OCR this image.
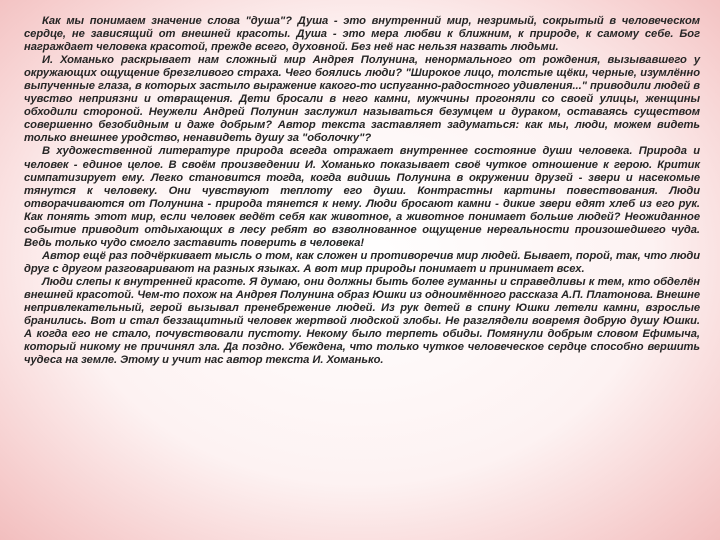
Как мы понимаем значение слова "душа"? Душа - это внутренний мир, незримый, сокрытый в человеческом сердце, не зависящий от внешней красоты. Душа - это мера любви к ближним, к природе, к самому себе. Бог награждает человека красотой, прежде всего, духовной. Без неё нас нельзя назвать людьми.

И. Хоманько раскрывает нам сложный мир Андрея Полунина, ненормального от рождения, вызывавшего у окружающих ощущение брезгливого страха. Чего боялись люди? "Широкое лицо, толстые щёки, черные, изумлённо выпученные глаза, в которых застыло выражение какого-то испуганно-радостного удивления..." приводили людей в чувство неприязни и отвращения. Дети бросали в него камни, мужчины прогоняли со своей улицы, женщины обходили стороной. Неужели Андрей Полунин заслужил называться безумцем и дураком, оставаясь существом совершенно безобидным и даже добрым? Автор текста заставляет задуматься: как мы, люди, можем видеть только внешнее уродство, ненавидеть душу за "оболочку"?

В художественной литературе природа всегда отражает внутреннее состояние души человека. Природа и человек - единое целое. В своём произведении И. Хоманько показывает своё чуткое отношение к герою. Критик симпатизирует ему. Легко становится тогда, когда видишь Полунина в окружении друзей - звери и насекомые тянутся к человеку. Они чувствуют теплоту его души. Контрастны картины повествования. Люди отворачиваются от Полунина - природа тянется к нему. Люди бросают камни - дикие звери едят хлеб из его рук. Как понять этот мир, если человек ведёт себя как животное, а животное понимает больше людей? Неожиданное событие приводит отдыхающих в лесу ребят во взволнованное ощущение нереальности произошедшего чуда. Ведь только чудо смогло заставить поверить в человека!

Автор ещё раз подчёркивает мысль о том, как сложен и противоречив мир людей. Бывает, порой, так, что люди друг с другом разговаривают на разных языках. А вот мир природы понимает и принимает всех.

Люди слепы к внутренней красоте. Я думаю, они должны быть более гуманны и справедливы к тем, кто обделён внешней красотой. Чем-то похож на Андрея Полунина образ Юшки из одноимённого рассказа А.П. Платонова. Внешне непривлекательный, герой вызывал пренебрежение людей. Из рук детей в спину Юшки летели камни, взрослые бранились. Вот и стал беззащитный человек жертвой людской злобы. Не разглядели вовремя добрую душу Юшки. А когда его не стало, почувствовали пустоту. Некому было терпеть обиды. Помянули добрым словом Ефимыча, который никому не причинял зла. Да поздно. Убеждена, что только чуткое человеческое сердце способно вершить чудеса на земле. Этому и учит нас автор текста И. Хоманько.
